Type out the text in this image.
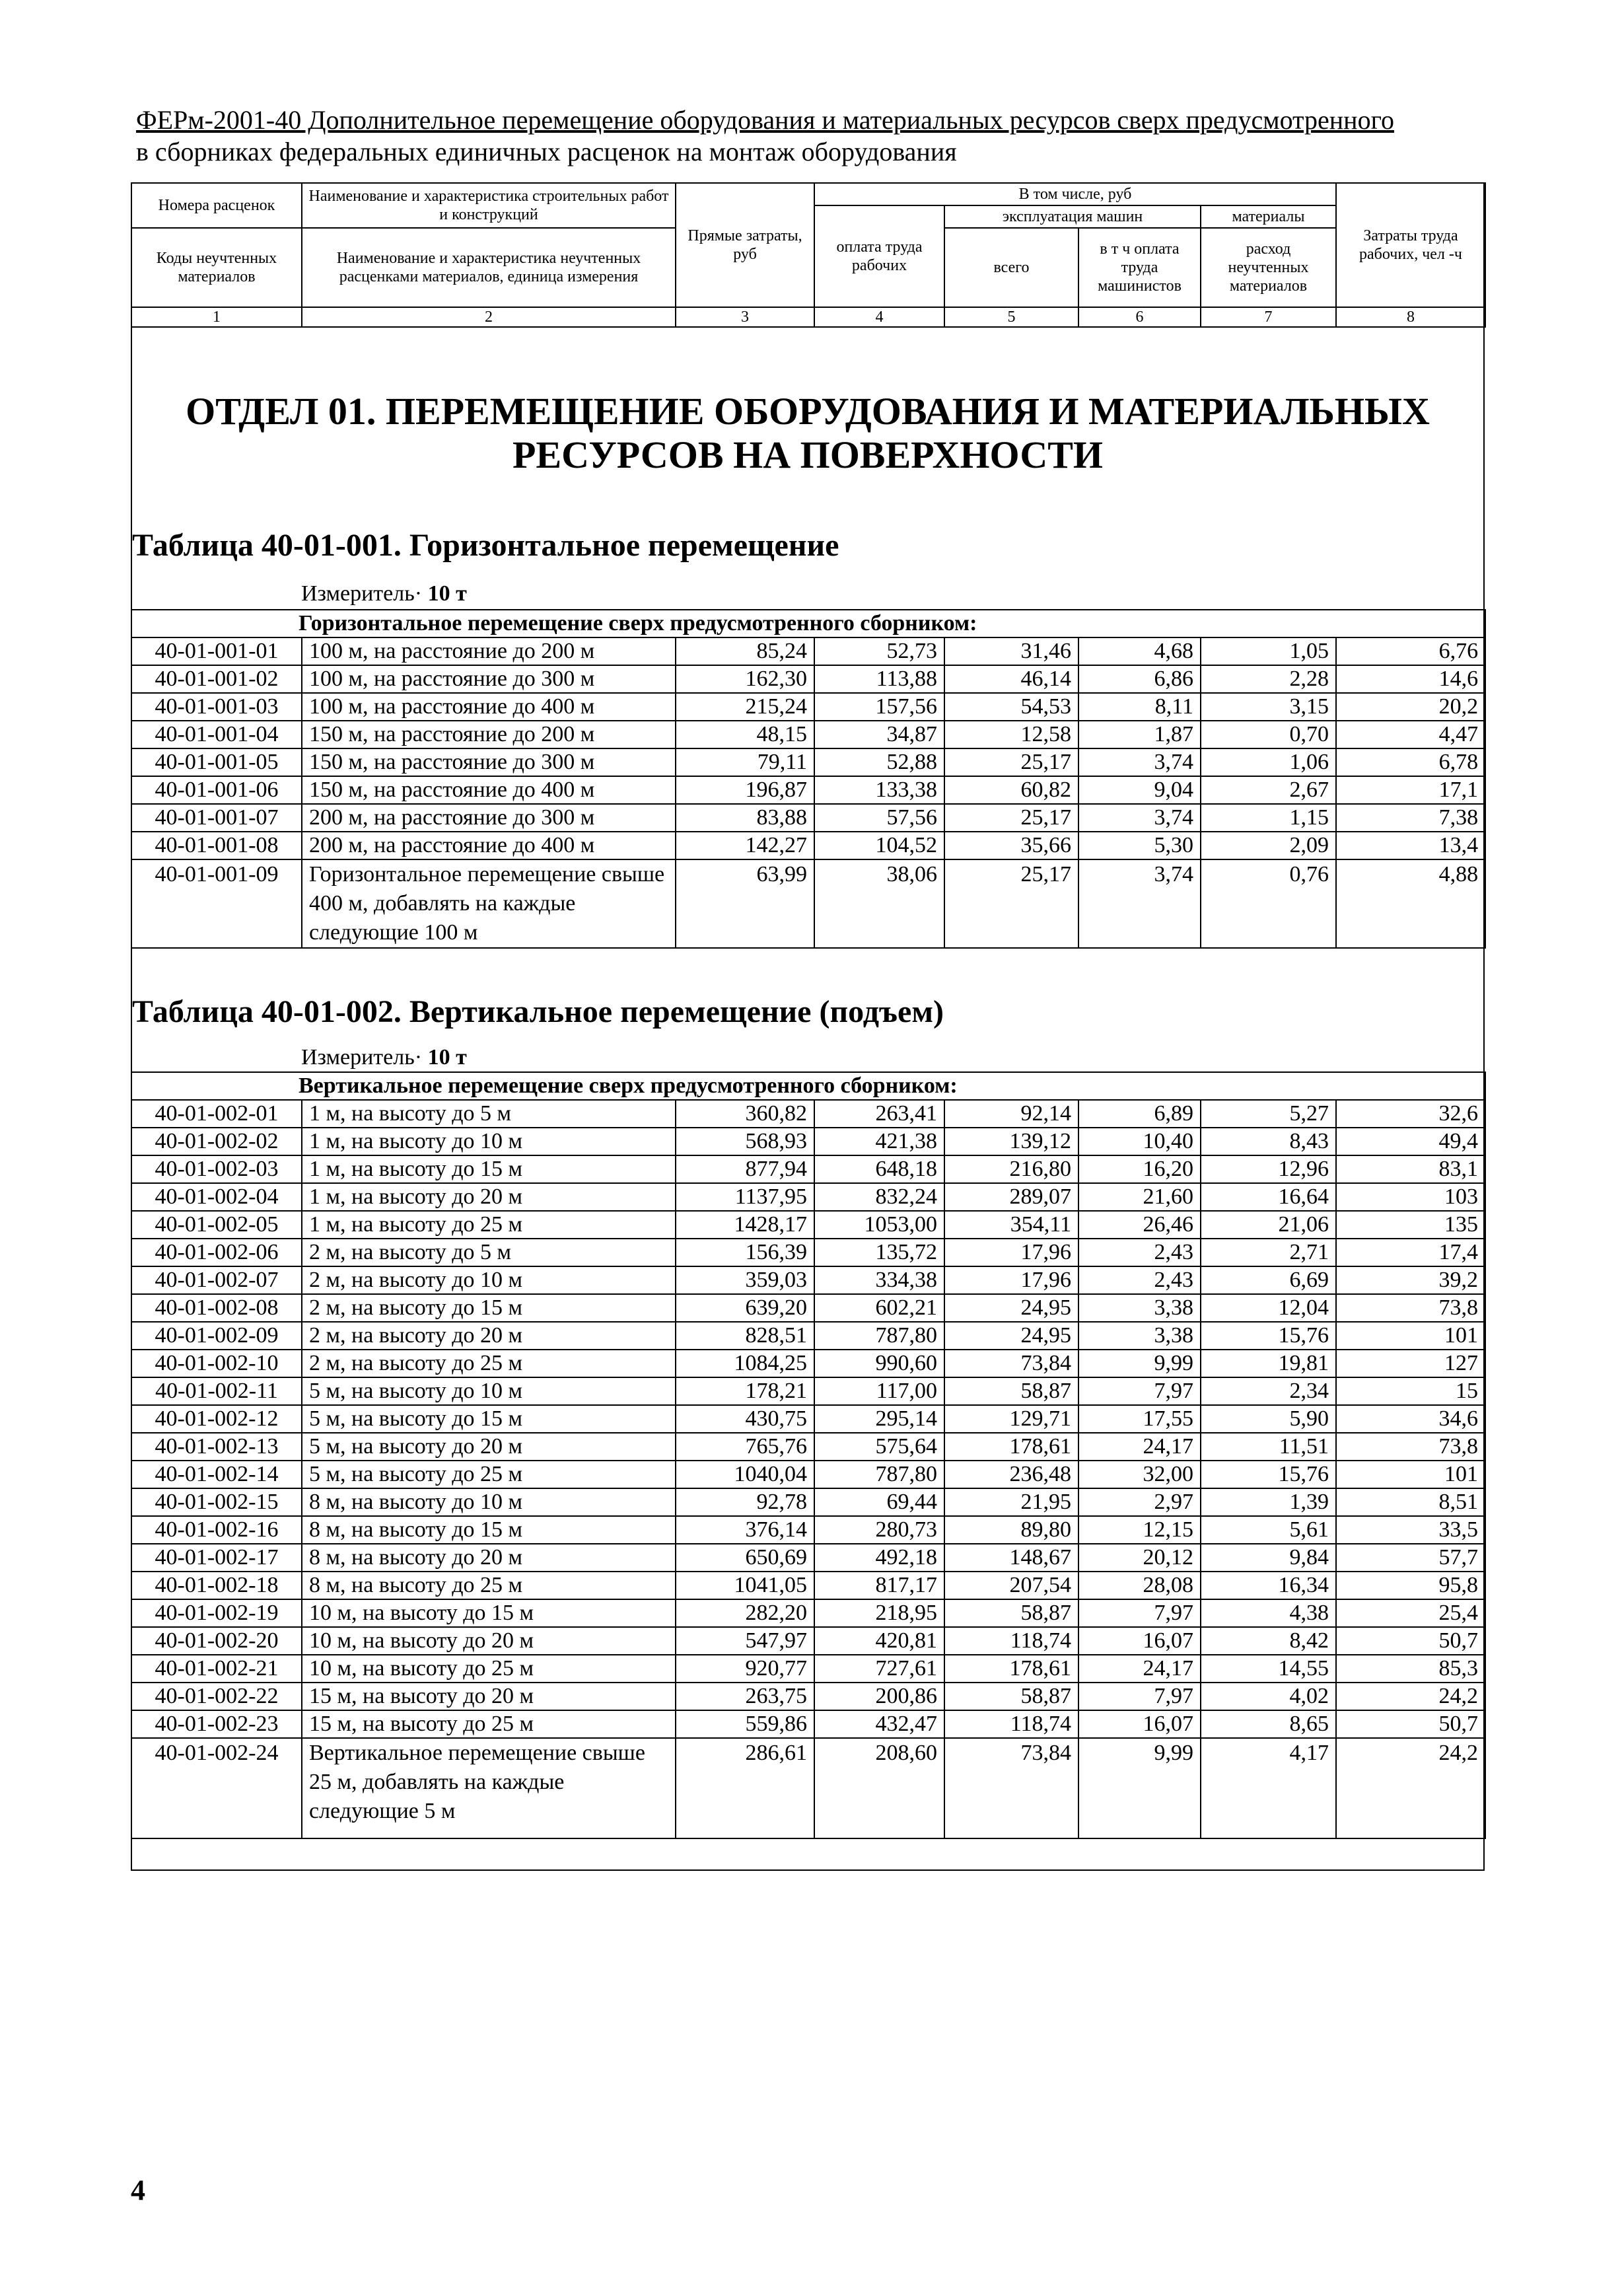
ФЕРм-2001-40 Дополнительное перемещение оборудования и материальных ресурсов сверх предусмотренного
в сборниках федеральных единичных расценок на монтаж оборудования
Номера расценок	Наименование и характеристика строительных работ и конструкций	Прямые затраты, руб	В том числе, руб				Затраты труда рабочих, чел -ч
			оплата труда рабочих	эксплуатация машин		материалы	
Коды неучтенных материалов	Наименование и характеристика неучтенных расценками материалов, единица измерения			всего	в т ч оплата труда машинистов	расход неучтенных материалов	

1	2	3	4	5	6	7	8
ОТДЕЛ 01. ПЕРЕМЕЩЕНИЕ ОБОРУДОВАНИЯ И МАТЕРИАЛЬНЫХ РЕСУРСОВ НА ПОВЕРХНОСТИ
Таблица 40-01-001. Горизонтальное перемещение
Измеритель· 10 т
Горизонтальное перемещение сверх предусмотренного сборником:							
40-01-001-01	100 м, на расстояние до 200 м	85,24	52,73	31,46	4,68	1,05	6,76
40-01-001-02	100 м, на расстояние до 300 м	162,30	113,88	46,14	6,86	2,28	14,6
40-01-001-03	100 м, на расстояние до 400 м	215,24	157,56	54,53	8,11	3,15	20,2
40-01-001-04	150 м, на расстояние до 200 м	48,15	34,87	12,58	1,87	0,70	4,47
40-01-001-05	150 м, на расстояние до 300 м	79,11	52,88	25,17	3,74	1,06	6,78
40-01-001-06	150 м, на расстояние до 400 м	196,87	133,38	60,82	9,04	2,67	17,1
40-01-001-07	200 м, на расстояние до 300 м	83,88	57,56	25,17	3,74	1,15	7,38
40-01-001-08	200 м, на расстояние до 400 м	142,27	104,52	35,66	5,30	2,09	13,4
40-01-001-09	Горизонтальное перемещение свыше 400 м, добавлять на каждые следующие 100 м	63,99	38,06	25,17	3,74	0,76	4,88
Таблица 40-01-002. Вертикальное перемещение (подъем)
Измеритель· 10 т
Вертикальное перемещение сверх предусмотренного сборником:							
40-01-002-01	1 м, на высоту до 5 м	360,82	263,41	92,14	6,89	5,27	32,6
40-01-002-02	1 м, на высоту до 10 м	568,93	421,38	139,12	10,40	8,43	49,4
40-01-002-03	1 м, на высоту до 15 м	877,94	648,18	216,80	16,20	12,96	83,1
40-01-002-04	1 м, на высоту до 20 м	1137,95	832,24	289,07	21,60	16,64	103
40-01-002-05	1 м, на высоту до 25 м	1428,17	1053,00	354,11	26,46	21,06	135
40-01-002-06	2 м, на высоту до 5 м	156,39	135,72	17,96	2,43	2,71	17,4
40-01-002-07	2 м, на высоту до 10 м	359,03	334,38	17,96	2,43	6,69	39,2
40-01-002-08	2 м, на высоту до 15 м	639,20	602,21	24,95	3,38	12,04	73,8
40-01-002-09	2 м, на высоту до 20 м	828,51	787,80	24,95	3,38	15,76	101
40-01-002-10	2 м, на высоту до 25 м	1084,25	990,60	73,84	9,99	19,81	127
40-01-002-11	5 м, на высоту до 10 м	178,21	117,00	58,87	7,97	2,34	15
40-01-002-12	5 м, на высоту до 15 м	430,75	295,14	129,71	17,55	5,90	34,6
40-01-002-13	5 м, на высоту до 20 м	765,76	575,64	178,61	24,17	11,51	73,8
40-01-002-14	5 м, на высоту до 25 м	1040,04	787,80	236,48	32,00	15,76	101
40-01-002-15	8 м, на высоту до 10 м	92,78	69,44	21,95	2,97	1,39	8,51
40-01-002-16	8 м, на высоту до 15 м	376,14	280,73	89,80	12,15	5,61	33,5
40-01-002-17	8 м, на высоту до 20 м	650,69	492,18	148,67	20,12	9,84	57,7
40-01-002-18	8 м, на высоту до 25 м	1041,05	817,17	207,54	28,08	16,34	95,8
40-01-002-19	10 м, на высоту до 15 м	282,20	218,95	58,87	7,97	4,38	25,4
40-01-002-20	10 м, на высоту до 20 м	547,97	420,81	118,74	16,07	8,42	50,7
40-01-002-21	10 м, на высоту до 25 м	920,77	727,61	178,61	24,17	14,55	85,3
40-01-002-22	15 м, на высоту до 20 м	263,75	200,86	58,87	7,97	4,02	24,2
40-01-002-23	15 м, на высоту до 25 м	559,86	432,47	118,74	16,07	8,65	50,7
40-01-002-24	Вертикальное перемещение свыше 25 м, добавлять на каждые следующие 5 м	286,61	208,60	73,84	9,99	4,17	24,2
4
